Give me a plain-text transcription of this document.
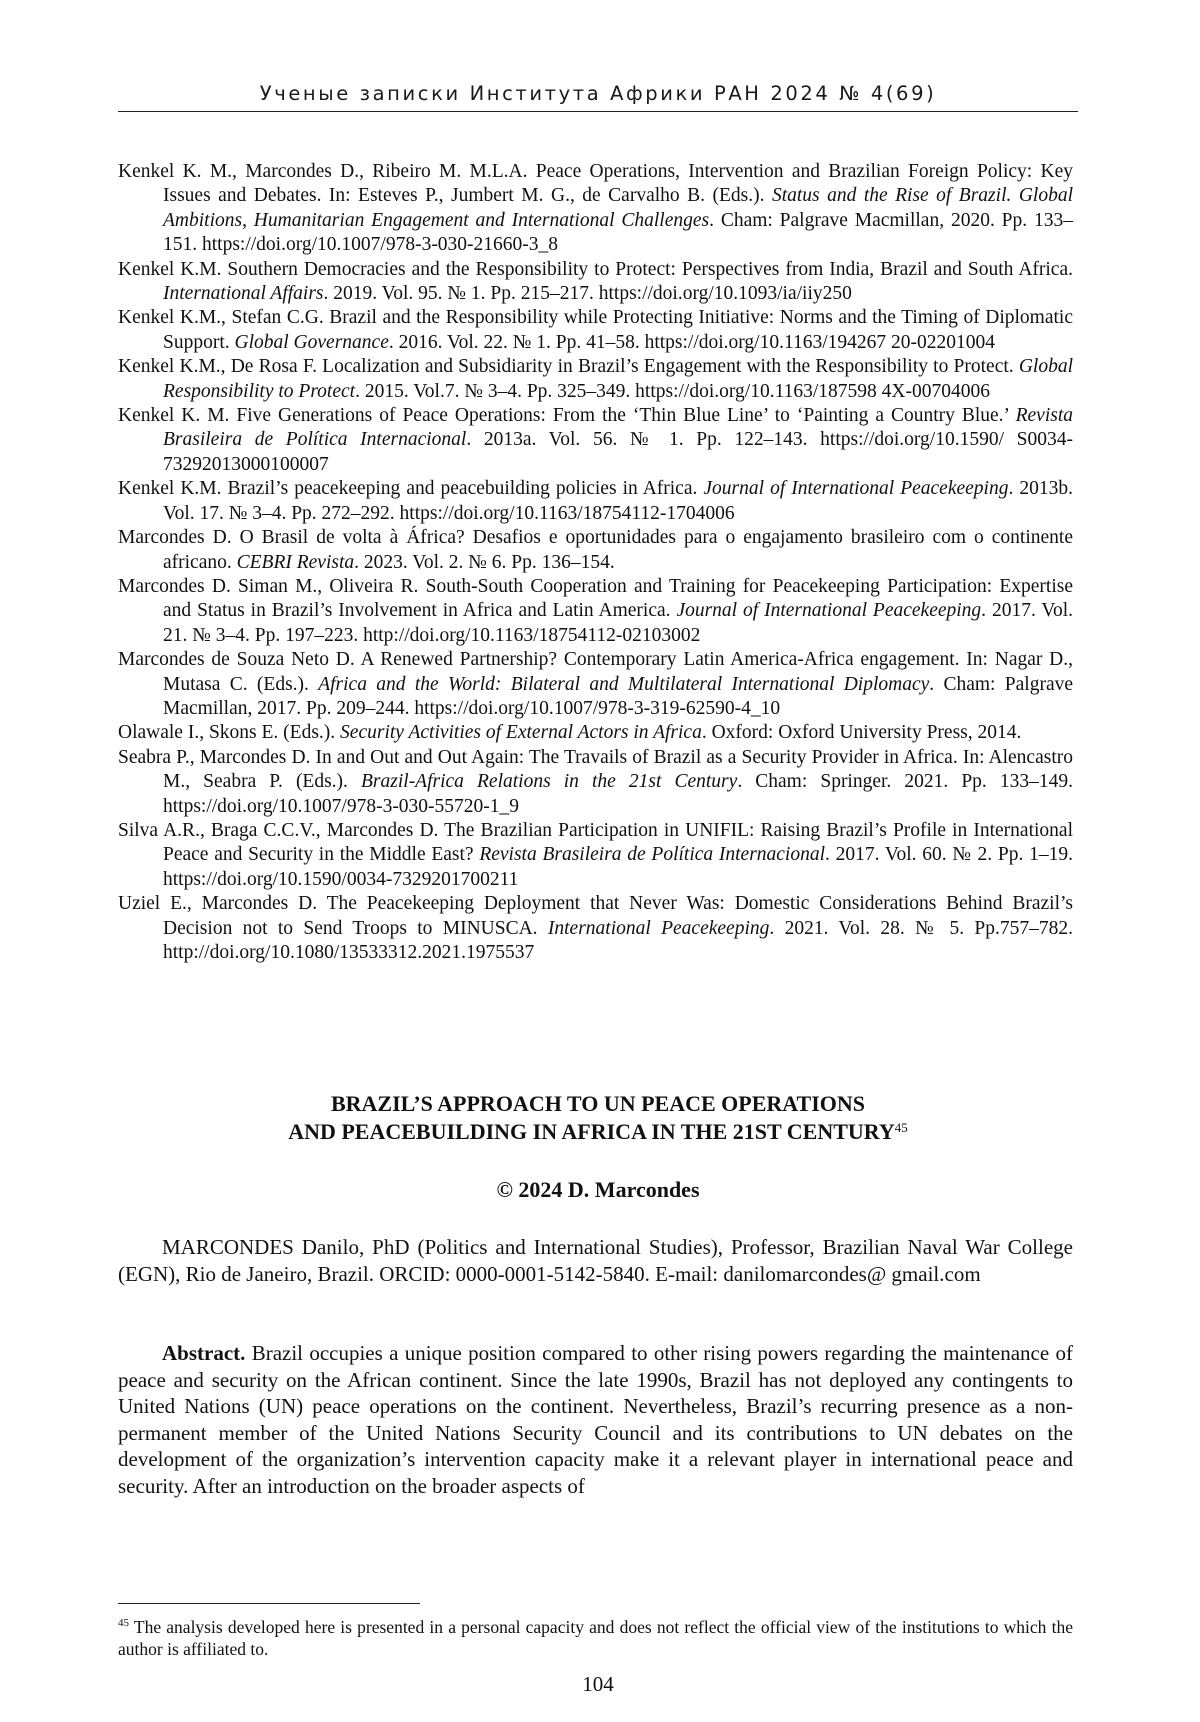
Ученые записки Института Африки РАН 2024 № 4(69)

Kenkel K. M., Marcondes D., Ribeiro M. M.L.A. Peace Operations, Intervention and Brazilian Foreign Policy: Key Issues and Debates. In: Esteves P., Jumbert M. G., de Carvalho B. (Eds.). Status and the Rise of Brazil. Global Ambitions, Humanitarian Engagement and International Challenges. Cham: Palgrave Macmillan, 2020. Pp. 133–151. https://doi.org/10.1007/978-3-030-21660-3_8

Kenkel K.M. Southern Democracies and the Responsibility to Protect: Perspectives from India, Brazil and South Africa. International Affairs. 2019. Vol. 95. № 1. Pp. 215–217. https://doi.org/10.1093/ia/iiy250

Kenkel K.M., Stefan C.G. Brazil and the Responsibility while Protecting Initiative: Norms and the Timing of Diplomatic Support. Global Governance. 2016. Vol. 22. № 1. Pp. 41–58. https://doi.org/10.1163/194267 20-02201004

Kenkel K.M., De Rosa F. Localization and Subsidiarity in Brazil’s Engagement with the Responsibility to Protect. Global Responsibility to Protect. 2015. Vol.7. № 3–4. Pp. 325–349. https://doi.org/10.1163/187598 4X-00704006

Kenkel K. M. Five Generations of Peace Operations: From the ‘Thin Blue Line’ to ‘Painting a Country Blue.’ Revista Brasileira de Política Internacional. 2013a. Vol. 56. № 1. Pp. 122–143. https://doi.org/10.1590/ S0034-73292013000100007

Kenkel K.M. Brazil’s peacekeeping and peacebuilding policies in Africa. Journal of International Peacekeeping. 2013b. Vol. 17. № 3–4. Pp. 272–292. https://doi.org/10.1163/18754112-1704006

Marcondes D. O Brasil de volta à África? Desafios e oportunidades para o engajamento brasileiro com o continente africano. CEBRI Revista. 2023. Vol. 2. № 6. Pp. 136–154.

Marcondes D. Siman M., Oliveira R. South-South Cooperation and Training for Peacekeeping Participation: Expertise and Status in Brazil’s Involvement in Africa and Latin America. Journal of International Peacekeeping. 2017. Vol. 21. № 3–4. Pp. 197–223. http://doi.org/10.1163/18754112-02103002

Marcondes de Souza Neto D. A Renewed Partnership? Contemporary Latin America-Africa engagement. In: Nagar D., Mutasa C. (Eds.). Africa and the World: Bilateral and Multilateral International Diplomacy. Cham: Palgrave Macmillan, 2017. Pp. 209–244. https://doi.org/10.1007/978-3-319-62590-4_10

Olawale I., Skons E. (Eds.). Security Activities of External Actors in Africa. Oxford: Oxford University Press, 2014.

Seabra P., Marcondes D. In and Out and Out Again: The Travails of Brazil as a Security Provider in Africa. In: Alencastro M., Seabra P. (Eds.). Brazil-Africa Relations in the 21st Century. Cham: Springer. 2021. Pp. 133–149. https://doi.org/10.1007/978-3-030-55720-1_9

Silva A.R., Braga C.C.V., Marcondes D. The Brazilian Participation in UNIFIL: Raising Brazil’s Profile in International Peace and Security in the Middle East? Revista Brasileira de Política Internacional. 2017. Vol. 60. № 2. Pp. 1–19. https://doi.org/10.1590/0034-7329201700211

Uziel E., Marcondes D. The Peacekeeping Deployment that Never Was: Domestic Considerations Behind Brazil’s Decision not to Send Troops to MINUSCA. International Peacekeeping. 2021. Vol. 28. № 5. Pp.757–782. http://doi.org/10.1080/13533312.2021.1975537

BRAZIL’S APPROACH TO UN PEACE OPERATIONS
AND PEACEBUILDING IN AFRICA IN THE 21ST CENTURY$^{45}$
© 2024 D. Marcondes

MARCONDES Danilo, PhD (Politics and International Studies), Professor, Brazilian Naval War College (EGN), Rio de Janeiro, Brazil. ORCID: 0000-0001-5142-5840. E-mail: danilomarcondes@ gmail.com

Abstract. Brazil occupies a unique position compared to other rising powers regarding the maintenance of peace and security on the African continent. Since the late 1990s, Brazil has not deployed any contingents to United Nations (UN) peace operations on the continent. Nevertheless, Brazil’s recurring presence as a non-permanent member of the United Nations Security Council and its contributions to UN debates on the development of the organization’s intervention capacity make it a relevant player in international peace and security. After an introduction on the broader aspects of

$^{45}$ The analysis developed here is presented in a personal capacity and does not reflect the official view of the institutions to which the author is affiliated to.

104
